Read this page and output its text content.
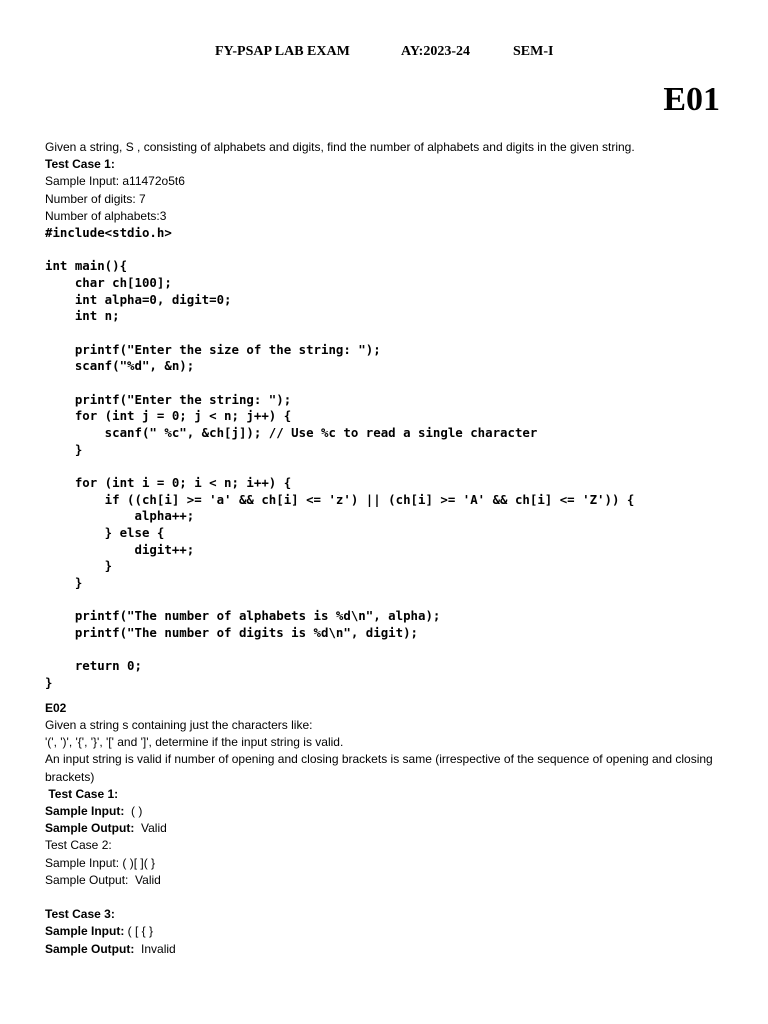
FY-PSAP LAB EXAM	AY:2023-24	SEM-I
E01
Given a string, S , consisting of alphabets and digits, find the number of alphabets and digits in the given string.
Test Case 1:
Sample Input: a11472o5t6
Number of digits: 7
Number of alphabets:3
#include<stdio.h>

int main(){
char ch[100];
int alpha=0, digit=0;
int n;

printf("Enter the size of the string: ");
scanf("%d", &n);

printf("Enter the string: ");
for (int j = 0; j < n; j++) {
scanf(" %c", &ch[j]); // Use %c to read a single character
}

for (int i = 0; i < n; i++) {
if ((ch[i] >= 'a' && ch[i] <= 'z') || (ch[i] >= 'A' && ch[i] <= 'Z')) {
alpha++;
} else {
digit++;
}
}

printf("The number of alphabets is %d\n", alpha);
printf("The number of digits is %d\n", digit);

return 0;
}
E02
Given a string s containing just the characters like:
'(', ')', '{', '}', '[' and ']', determine if the input string is valid.
An input string is valid if number of opening and closing brackets is same (irrespective of the sequence of opening and closing brackets)
Test Case 1:
Sample Input:  ( )
Sample Output:  Valid
Test Case 2:
Sample Input: ( )[ ]( }
Sample Output:  Valid
Test Case 3:
Sample Input: ( [ { }
Sample Output:  Invalid
